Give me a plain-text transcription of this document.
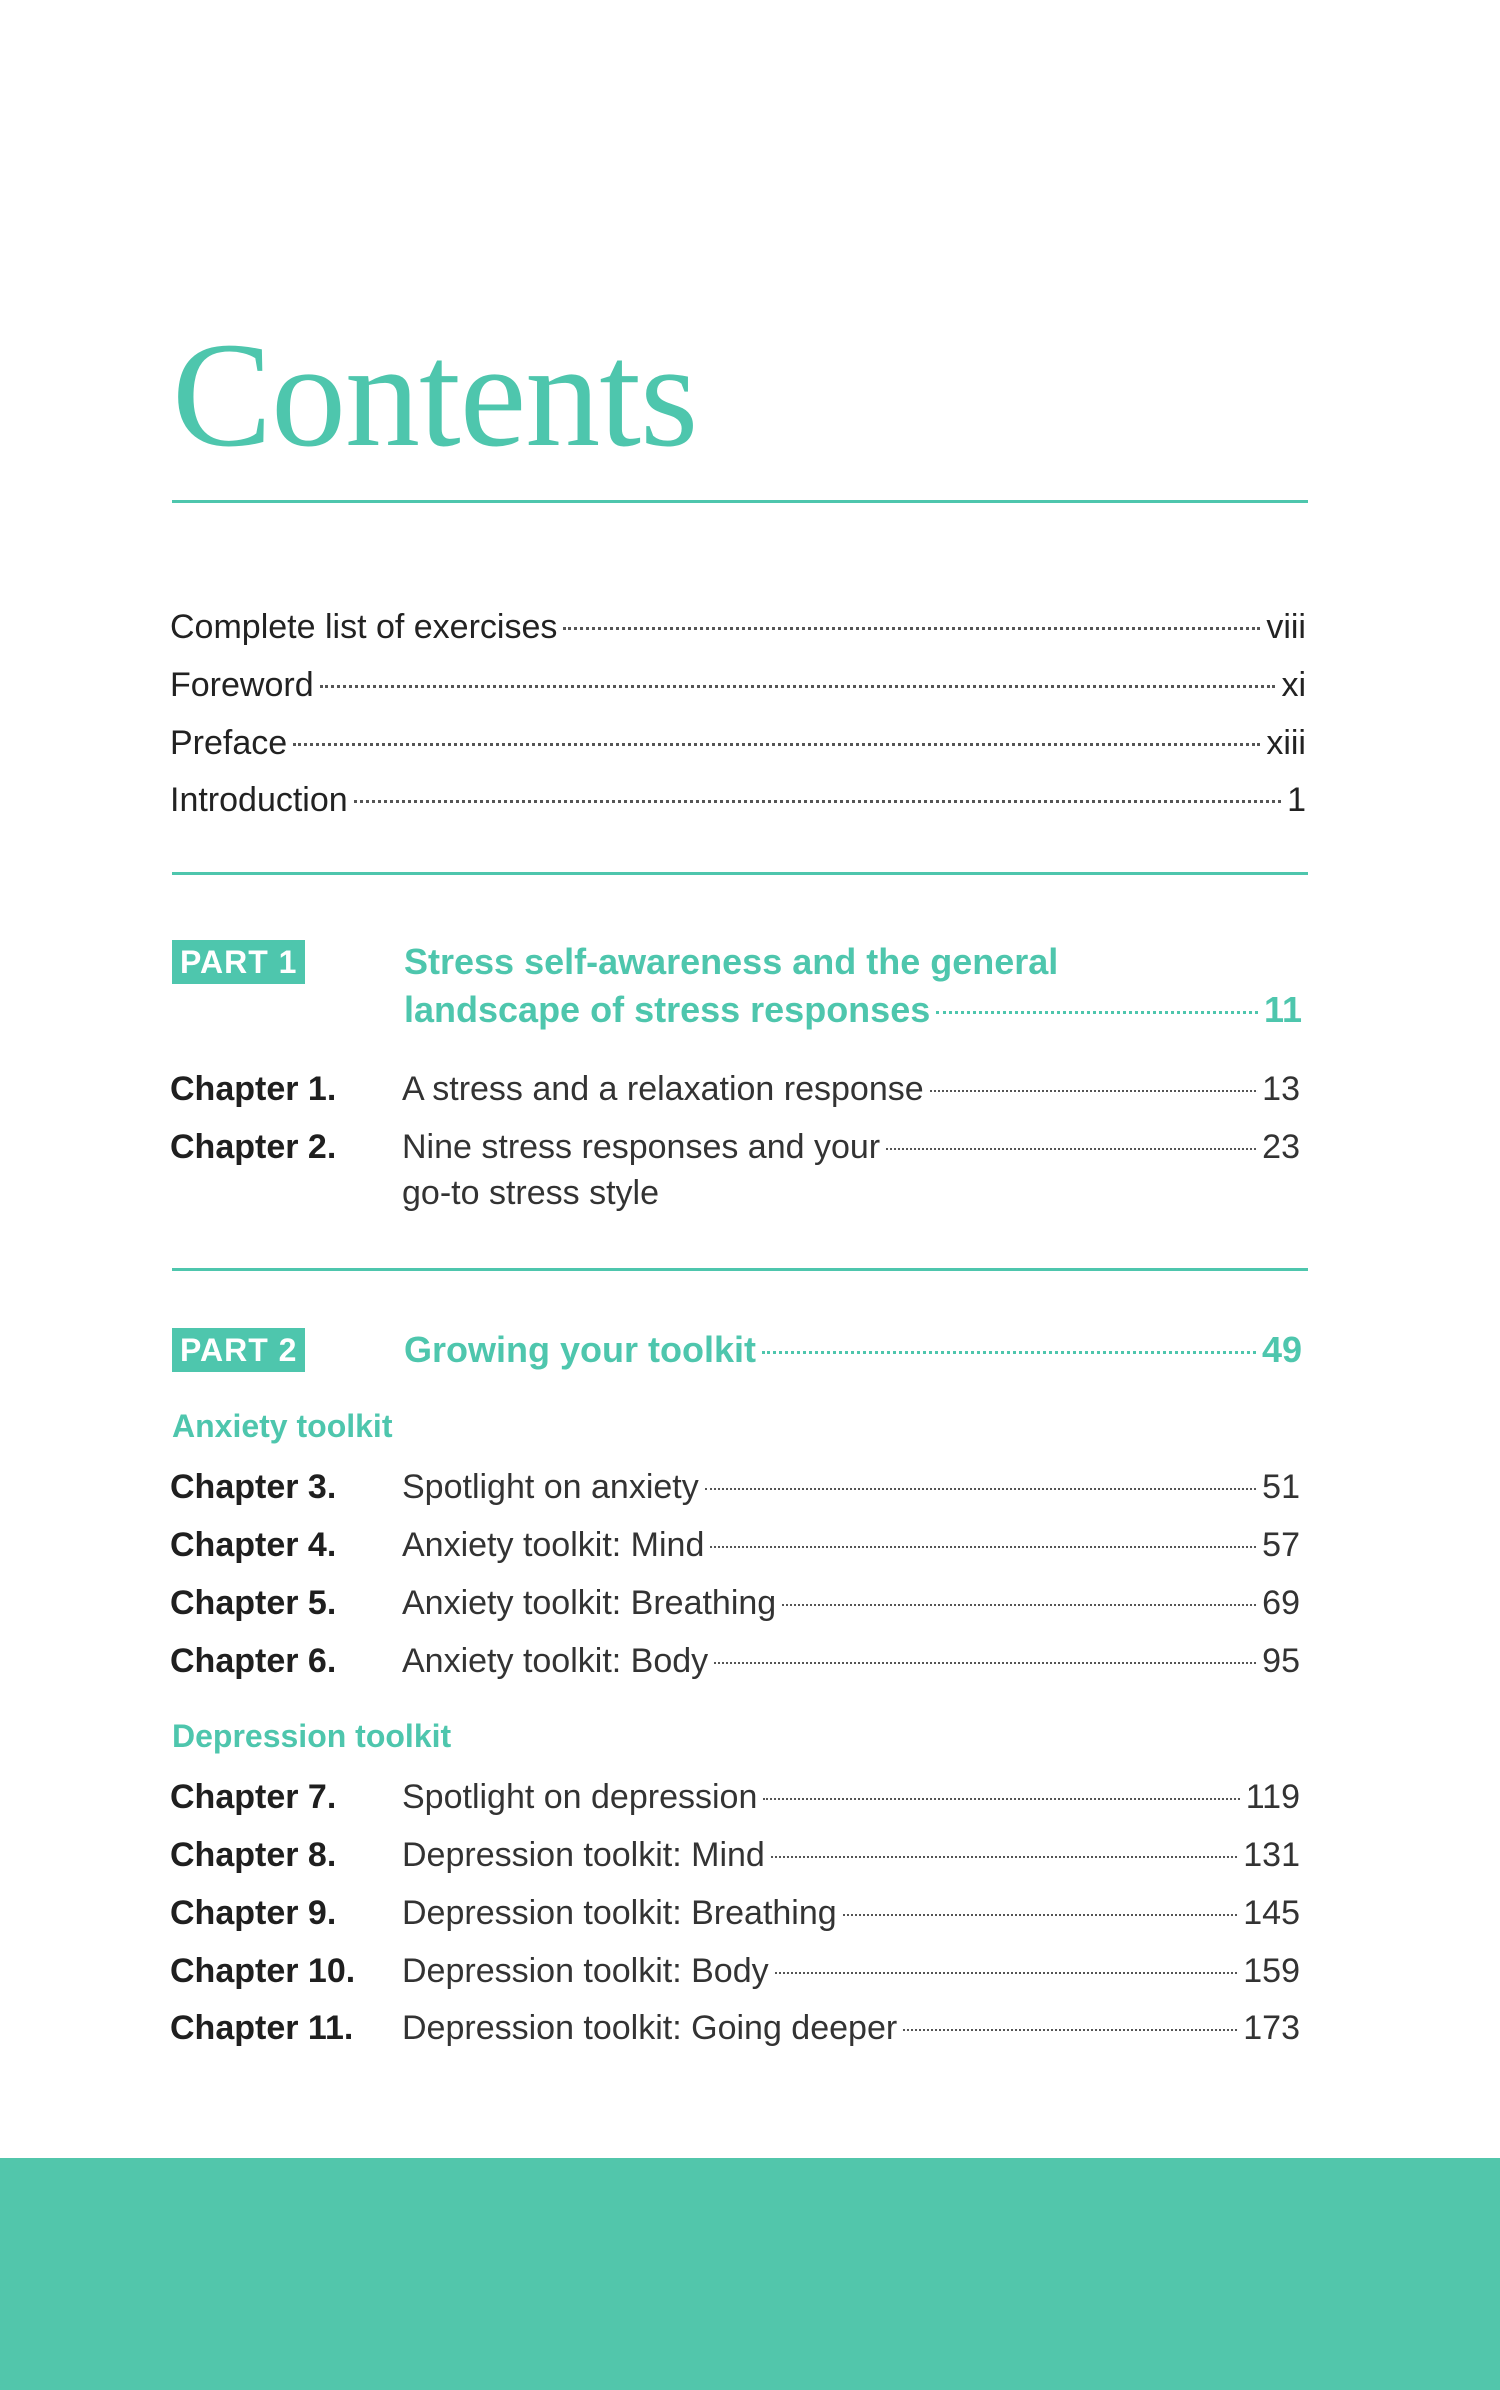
Contents
Complete list of exercises	viii
Foreword	xi
Preface	xiii
Introduction	1
PART 1	Stress self-awareness and the general
landscape of stress responses	11
Chapter 1. A stress and a relaxation response	13
Chapter 2. Nine stress responses and your	23
go-to stress style
PART 2	Growing your toolkit	49
Anxiety toolkit
Chapter 3. Spotlight on anxiety	51
Chapter 4. Anxiety toolkit: Mind	57
Chapter 5. Anxiety toolkit: Breathing	69
Chapter 6. Anxiety toolkit: Body	95
Depression toolkit
Chapter 7. Spotlight on depression	119
Chapter 8. Depression toolkit: Mind	131
Chapter 9. Depression toolkit: Breathing	145
Chapter 10. Depression toolkit: Body	159
Chapter 11. Depression toolkit: Going deeper	173
